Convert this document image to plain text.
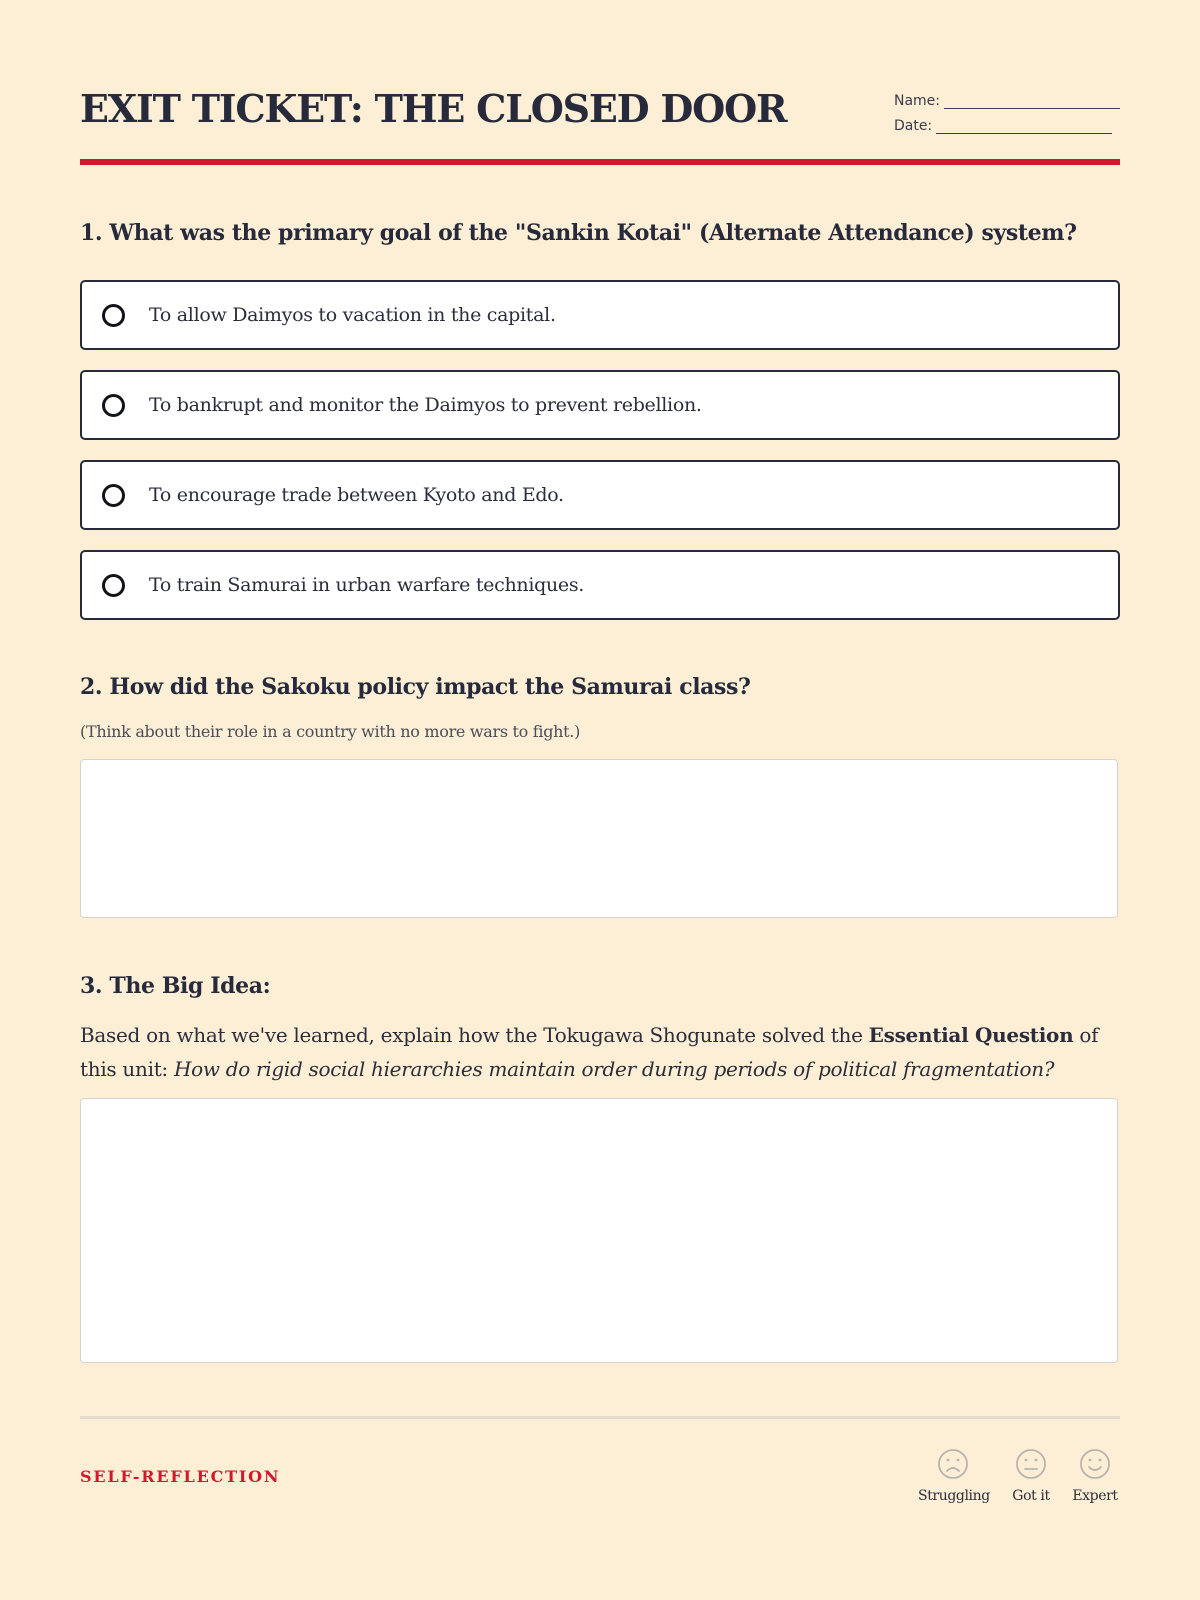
EXIT TICKET: THE CLOSED DOOR	Name:
Date:
1. What was the primary goal of the "Sankin Kotai" (Alternate Attendance) system?
To allow Daimyos to vacation in the capital.
To bankrupt and monitor the Daimyos to prevent rebellion.
To encourage trade between Kyoto and Edo.
To train Samurai in urban warfare techniques.
2. How did the Sakoku policy impact the Samurai class?
(Think about their role in a country with no more wars to fight.)
3. The Big Idea:
Based on what we've learned, explain how the Tokugawa Shogunate solved the Essential Question of this unit: How do rigid social hierarchies maintain order during periods of political fragmentation?
SELF-REFLECTION
Struggling	Got it	Expert
